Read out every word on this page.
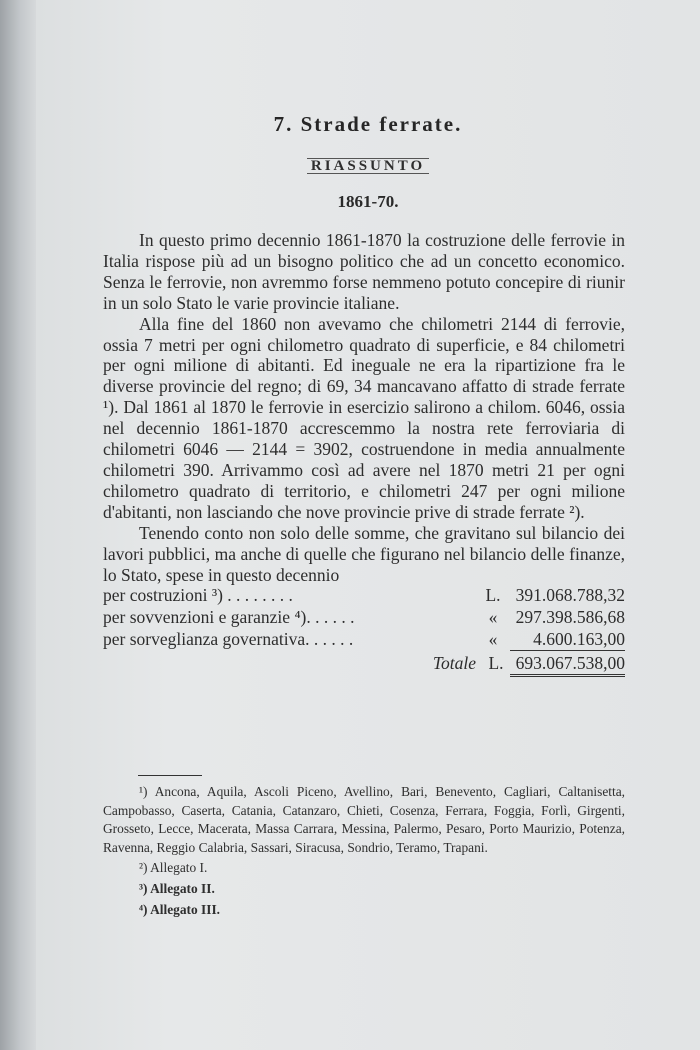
7. Strade ferrate.
RIASSUNTO
1861-70.

In questo primo decennio 1861-1870 la costruzione delle ferrovie in Italia rispose più ad un bisogno politico che ad un concetto economico. Senza le ferrovie, non avremmo forse nemmeno potuto concepire di riunir in un solo Stato le varie provincie italiane.

Alla fine del 1860 non avevamo che chilometri 2144 di ferrovie, ossia 7 metri per ogni chilometro quadrato di superficie, e 84 chilometri per ogni milione di abitanti. Ed ineguale ne era la ripartizione fra le diverse provincie del regno; di 69, 34 mancavano affatto di strade ferrate ¹). Dal 1861 al 1870 le ferrovie in esercizio salirono a chilom. 6046, ossia nel decennio 1861-1870 accrescemmo la nostra rete ferroviaria di chilometri 6046 — 2144 = 3902, costruendone in media annualmente chilometri 390. Arrivammo così ad avere nel 1870 metri 21 per ogni chilometro quadrato di territorio, e chilometri 247 per ogni milione d'abitanti, non lasciando che nove provincie prive di strade ferrate ²).

Tenendo conto non solo delle somme, che gravitano sul bilancio dei lavori pubblici, ma anche di quelle che figurano nel bilancio delle finanze, lo Stato, spese in questo decennio

per costruzioni ³) . . . . . . . .	L. 391.068.788,32
per sovvenzioni e garanzie ⁴). . . . . .	«	297.398.586,68
per sorveglianza governativa. . . . . .	«	4.600.163,00
Totale L. 693.067.538,00

¹) Ancona, Aquila, Ascoli Piceno, Avellino, Bari, Benevento, Cagliari, Caltanisetta, Campobasso, Caserta, Catania, Catanzaro, Chieti, Cosenza, Ferrara, Foggia, Forlì, Girgenti, Grosseto, Lecce, Macerata, Massa Carrara, Messina, Palermo, Pesaro, Porto Maurizio, Potenza, Ravenna, Reggio Calabria, Sassari, Siracusa, Sondrio, Teramo, Trapani.

²) Allegato I.

³) Allegato II.

⁴) Allegato III.
